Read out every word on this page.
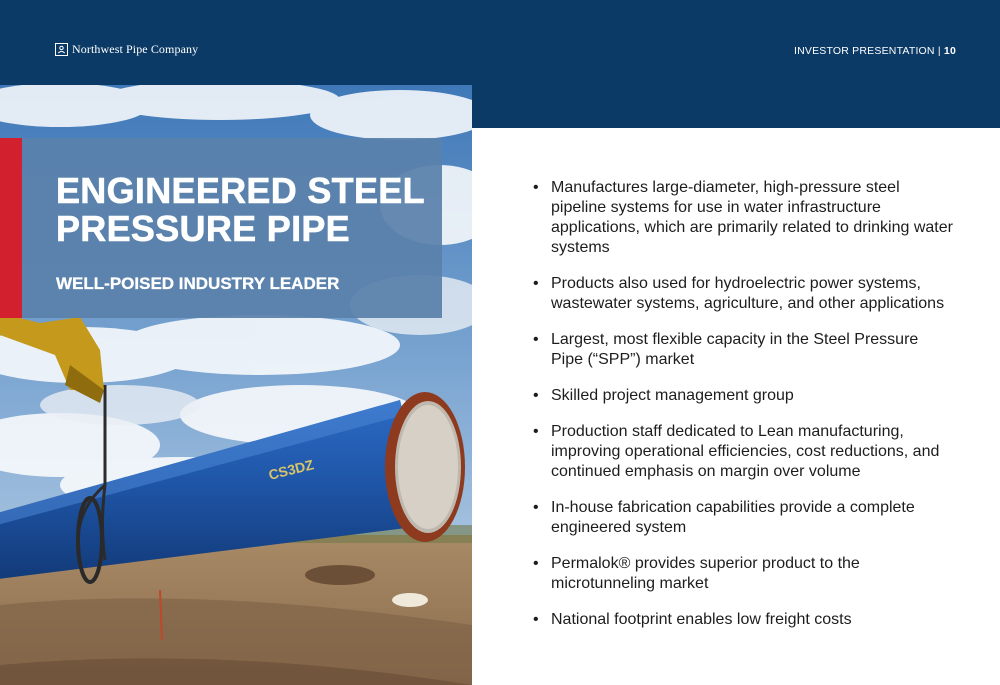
Northwest Pipe Company	INVESTOR PRESENTATION | 10
CS3DZ
ENGINEERED STEEL
PRESSURE PIPE

WELL-POISED INDUSTRY LEADER

• Manufactures large-diameter, high-pressure steel pipeline systems for use in water infrastructure applications, which are primarily related to drinking water systems
• Products also used for hydroelectric power systems, wastewater systems, agriculture, and other applications
• Largest, most flexible capacity in the Steel Pressure Pipe (“SPP”) market
• Skilled project management group
• Production staff dedicated to Lean manufacturing, improving operational efficiencies, cost reductions, and continued emphasis on margin over volume
• In-house fabrication capabilities provide a complete engineered system
• Permalok® provides superior product to the microtunneling market
• National footprint enables low freight costs
